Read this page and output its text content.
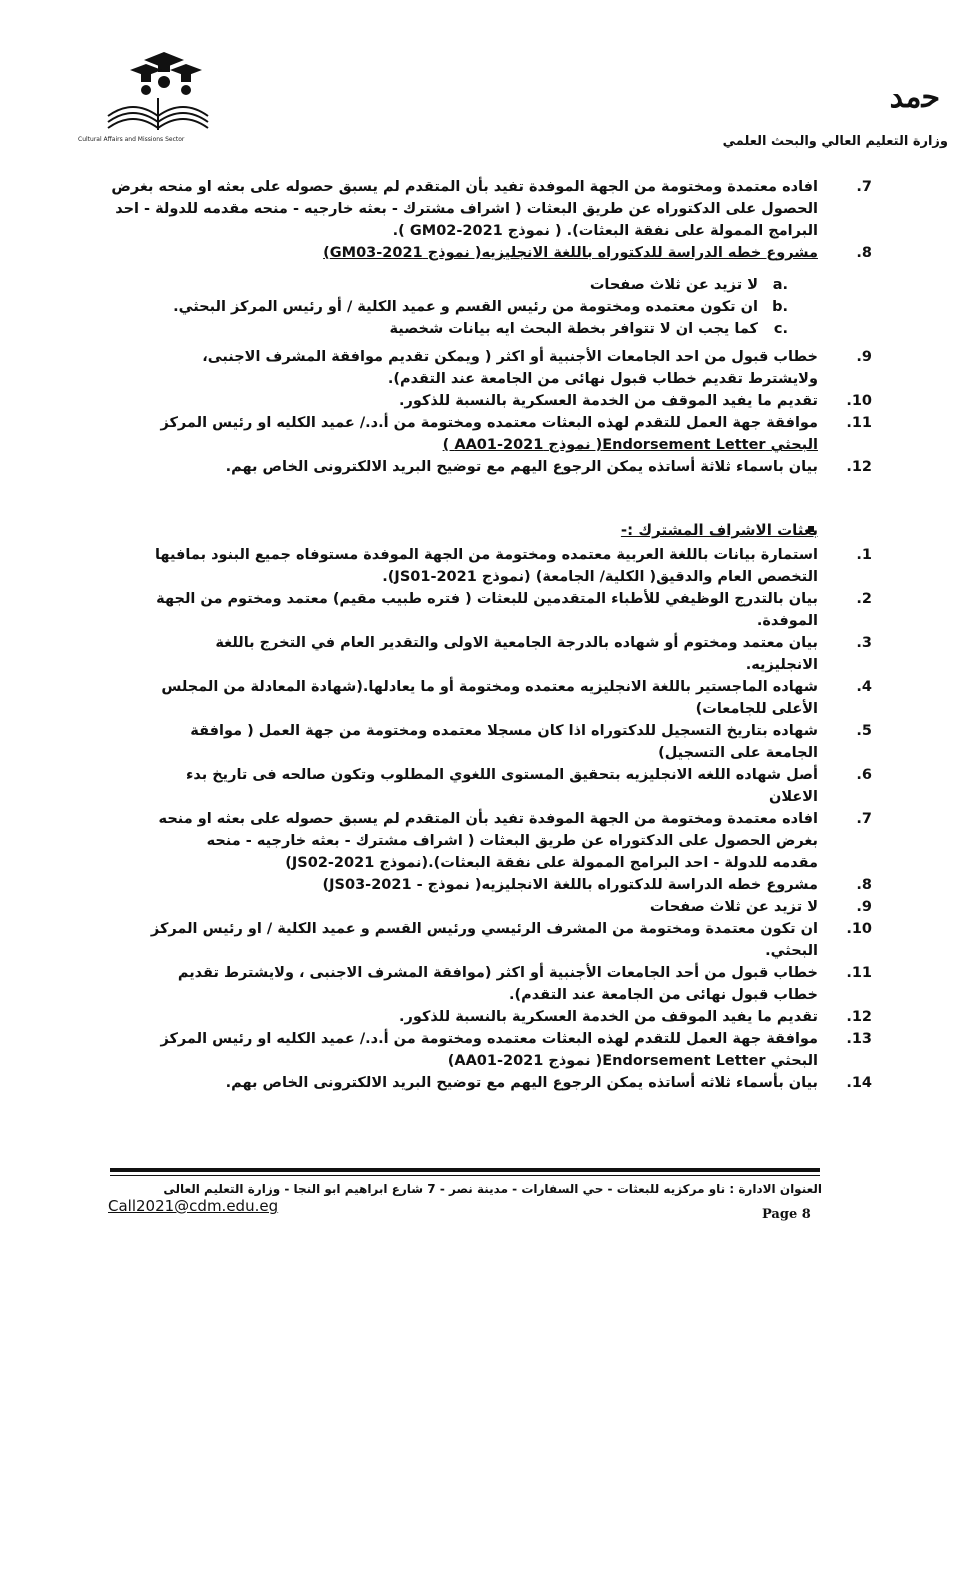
Cultural Affairs and Missions Sector
ﺣﻣﺪ
وزارة التعليم العالي والبحث العلمي
.7
افاده معتمدة ومختومة من الجهة الموفدة تفيد بأن المتقدم لم يسبق حصوله على بعثه او منحه بغرض
الحصول على الدكتوراه عن طريق البعثات ( اشراف مشترك - بعثه خارجيه - منحه مقدمه للدولة - احد
البرامج الممولة على نفقة البعثات). ( نموذج GM02-2021 ).
.8
مشروع خطه الدراسة للدكتوراه باللغة الانجليزيه( نموذج GM03-2021)
a.
لا تزيد عن ثلاث صفحات
b.
ان تكون معتمده ومختومة من رئيس القسم و عميد الكلية / أو رئيس المركز البحثي.
c.
كما يجب ان لا تتوافر بخطة البحث ايه بيانات شخصية
.9
خطاب قبول من احد الجامعات الأجنبية أو اكثر ( ويمكن تقديم موافقة المشرف الاجنبى،
ولايشترط تقديم خطاب قبول نهائى من الجامعة عند التقدم).
.10
تقديم ما يفيد الموقف من الخدمة العسكرية بالنسبة للذكور.
.11
موافقة جهة العمل للتقدم لهذه البعثات معتمده ومختومة من أ.د./ عميد الكليه او رئيس المركز
البحثي Endorsement Letter( نموذج AA01-2021 )
.12
بيان باسماء ثلاثة أساتذه يمكن الرجوع اليهم مع توضيح البريد الالكترونى الخاص بهم.
بعثات الاشراف المشترك :-
.1
استمارة بيانات باللغة العربية معتمده ومختومة من الجهة الموفدة مستوفاه جميع البنود بمافيها
التخصص العام والدقيق( الكلية/ الجامعة) (نموذج JS01-2021).
.2
بيان بالتدرج الوظيفي للأطباء المتقدمين للبعثات ( فتره طبيب مقيم) معتمد ومختوم من الجهة
الموفدة.
.3
بيان معتمد ومختوم أو شهاده بالدرجة الجامعية الاولى والتقدير العام في التخرج باللغة
الانجليزيه.
.4
شهاده الماجستير باللغة الانجليزيه معتمده ومختومة أو ما يعادلها.(شهادة المعادلة من المجلس
الأعلى للجامعات)
.5
شهاده بتاريخ التسجيل للدكتوراه اذا كان مسجلا معتمده ومختومة من جهة العمل ( موافقة
الجامعة على التسجيل)
.6
أصل شهاده اللغه الانجليزيه بتحقيق المستوى اللغوي المطلوب وتكون صالحه فى تاريخ بدء
الاعلان
.7
افاده معتمدة ومختومة من الجهة الموفدة تفيد بأن المتقدم لم يسبق حصوله على بعثه او منحه
بغرض الحصول على الدكتوراه عن طريق البعثات ( اشراف مشترك - بعثه خارجيه - منحه
مقدمه للدولة - احد البرامج الممولة على نفقة البعثات).(نموذج JS02-2021)
.8
مشروع خطه الدراسة للدكتوراه باللغة الانجليزيه( نموذج - JS03-2021)
.9
لا تزيد عن ثلاث صفحات
.10
ان تكون معتمدة ومختومة من المشرف الرئيسي ورئيس القسم و عميد الكلية / او رئيس المركز
البحثي.
.11
خطاب قبول من أحد الجامعات الأجنبية أو اكثر (موافقة المشرف الاجنبى ، ولايشترط تقديم
خطاب قبول نهائى من الجامعة عند التقدم).
.12
تقديم ما يفيد الموقف من الخدمة العسكرية بالنسبة للذكور.
.13
موافقة جهة العمل للتقدم لهذه البعثات معتمده ومختومة من أ.د./ عميد الكليه او رئيس المركز
البحثي Endorsement Letter( نموذج AA01-2021)
.14
بيان بأسماء ثلاثه أساتذه يمكن الرجوع اليهم مع توضيح البريد الالكترونى الخاص بهم.
العنوان الادارة : ناو مركزيه للبعثات - حي السفارات - مدينة نصر - 7 شارع ابراهيم ابو النجا - وزارة التعليم العالى
Call2021@cdm.edu.eg	Page 8
